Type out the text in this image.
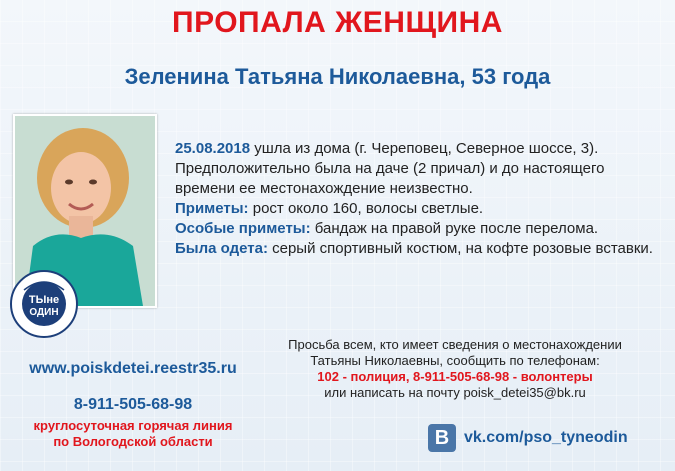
ПРОПАЛА ЖЕНЩИНА
Зеленина Татьяна Николаевна, 53 года
ТЫне
ОДИН

25.08.2018 ушла из дома (г. Череповец, Северное шоссе, 3). Предположительно была на даче (2 причал) и до настоящего времени ее местонахождение неизвестно.

Приметы: рост около 160, волосы светлые.

Особые приметы: бандаж на правой руке после перелома.

Была одета: серый спортивный костюм, на кофте розовые вставки.

Просьба всем, кто имеет сведения о местонахождении
Татьяны Николаевны, сообщить по телефонам:
102 - полиция, 8-911-505-68-98 - волонтеры
или написать на почту poisk_detei35@bk.ru
www.poiskdetei.reestr35.ru
8-911-505-68-98
круглосуточная горячая линия
по Вологодской области	В vk.com/pso_tyneodin
